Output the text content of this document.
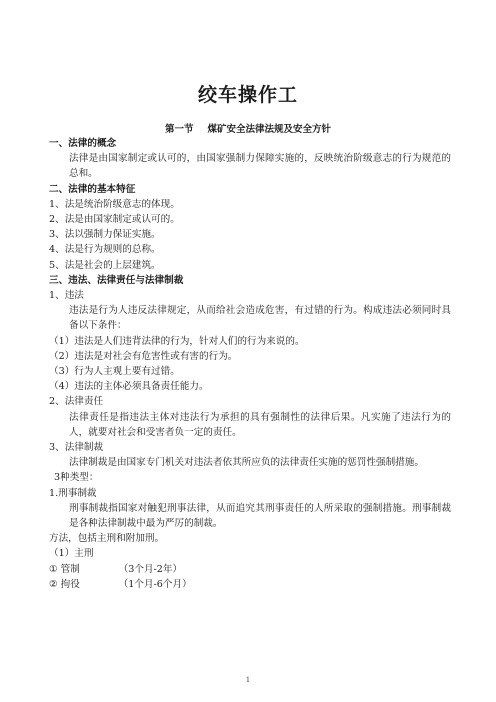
绞车操作工
第一节 煤矿安全法律法规及安全方针
一、法律的概念
法律是由国家制定或认可的，由国家强制力保障实施的，反映统治阶级意志的行为规范的总和。
二、法律的基本特征
1、法是统治阶级意志的体现。
2、法是由国家制定或认可的。
3、法以强制力保证实施。
4、法是行为规则的总称。
5、法是社会的上层建筑。
三、违法、法律责任与法律制裁
1、违法
违法是行为人违反法律规定，从而给社会造成危害，有过错的行为。构成违法必须同时具备以下条件：
（1）违法是人们违背法律的行为，针对人们的行为来说的。
（2）违法是对社会有危害性或有害的行为。
（3）行为人主观上要有过错。
（4）违法的主体必须具备责任能力。
2、法律责任
法律责任是指违法主体对违法行为承担的具有强制性的法律后果。凡实施了违法行为的人，就要对社会和受害者负一定的责任。
3、法律制裁
法律制裁是由国家专门机关对违法者依其所应负的法律责任实施的惩罚性强制措施。
3种类型：
1.刑事制裁
刑事制裁指国家对触犯刑事法律，从而追究其刑事责任的人所采取的强制措施。刑事制裁是各种法律制裁中最为严厉的制裁。
方法，包括主刑和附加刑。
（1）主刑
① 管制	（3个月-2年）
② 拘役	（1个月-6个月）
1
